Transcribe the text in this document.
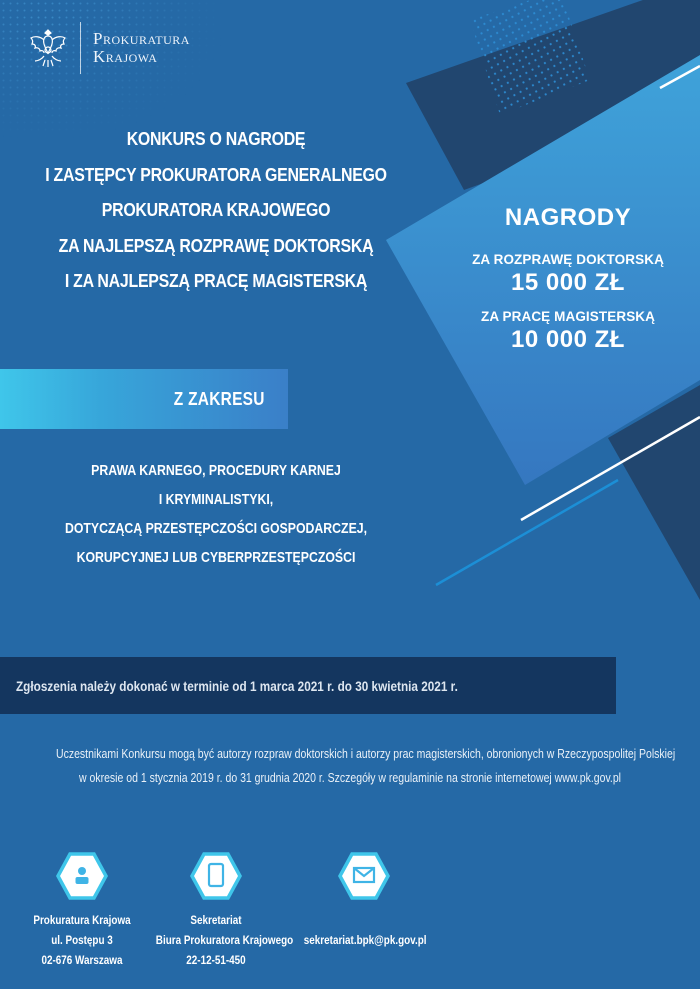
Prokuratura
Krajowa
KONKURS O NAGRODĘ
I ZASTĘPCY PROKURATORA GENERALNEGO
PROKURATORA KRAJOWEGO
ZA NAJLEPSZĄ ROZPRAWĘ DOKTORSKĄ
I ZA NAJLEPSZĄ PRACĘ MAGISTERSKĄ
Z ZAKRESU
PRAWA KARNEGO, PROCEDURY KARNEJ
I KRYMINALISTYKI,
DOTYCZĄCĄ PRZESTĘPCZOŚCI GOSPODARCZEJ,
KORUPCYJNEJ LUB CYBERPRZESTĘPCZOŚCI
NAGRODY
ZA ROZPRAWĘ DOKTORSKĄ
15 000 ZŁ
ZA PRACĘ MAGISTERSKĄ
10 000 ZŁ
Zgłoszenia należy dokonać w terminie od 1 marca 2021 r. do 30 kwietnia 2021 r.
Uczestnikami Konkursu mogą być autorzy rozpraw doktorskich i autorzy prac magisterskich, obronionych w Rzeczypospolitej Polskiej
w okresie od 1 stycznia 2019 r. do 31 grudnia 2020 r. Szczegóły w regulaminie na stronie internetowej www.pk.gov.pl
Prokuratura Krajowa
ul. Postępu 3
02-676 Warszawa
Sekretariat
Biura Prokuratora Krajowego
22-12-51-450
sekretariat.bpk@pk.gov.pl
